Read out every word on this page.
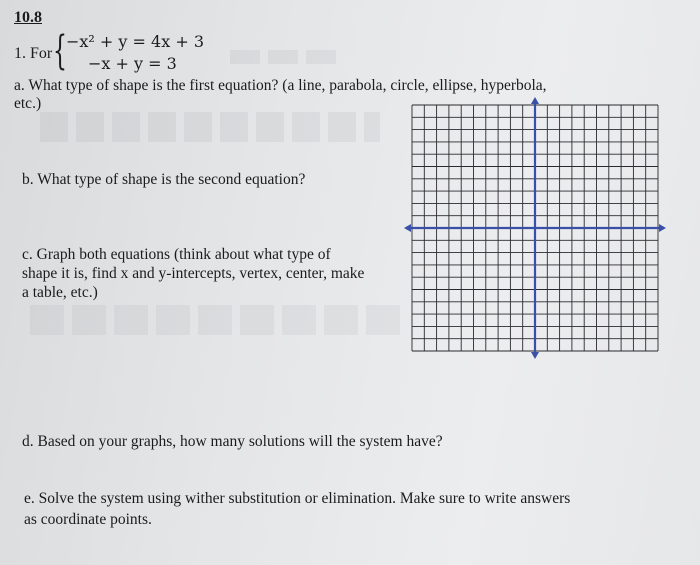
10.8
1. For { −x² + y = 4x + 3
−x + y = 3
a. What type of shape is the first equation? (a line, parabola, circle, ellipse, hyperbola,
etc.)
b. What type of shape is the second equation?
c. Graph both equations (think about what type of
shape it is, find x and y-intercepts, vertex, center, make
a table, etc.)
d. Based on your graphs, how many solutions will the system have?
e. Solve the system using wither substitution or elimination. Make sure to write answers
as coordinate points.
